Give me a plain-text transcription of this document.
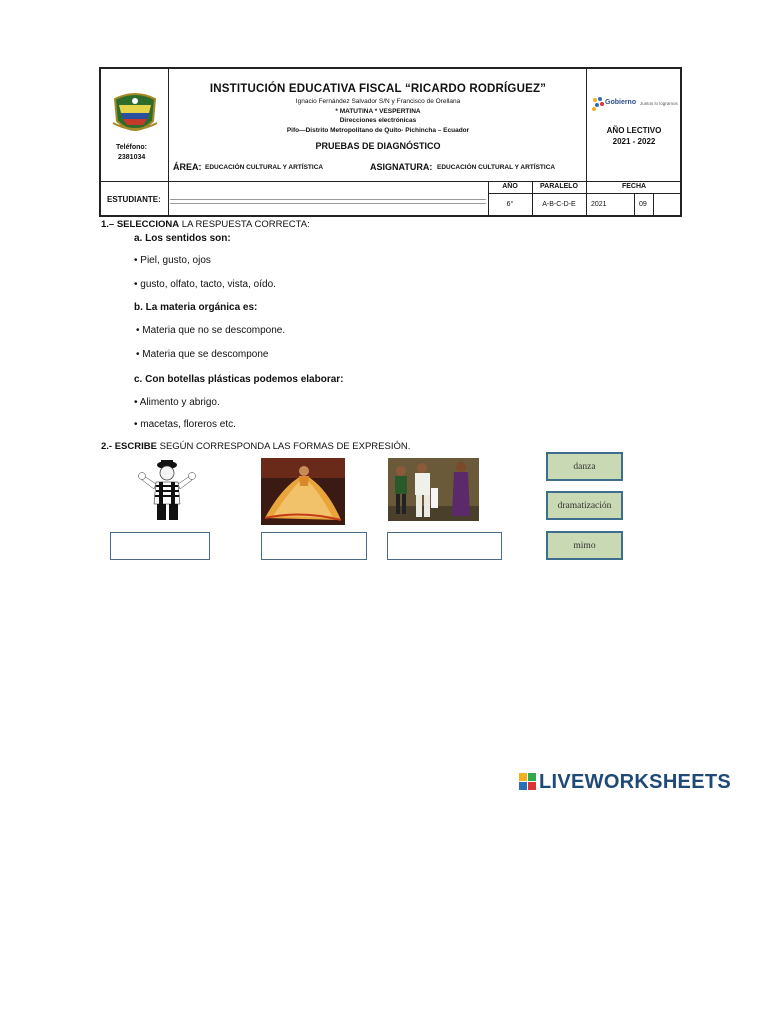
Teléfono:
2381034
INSTITUCIÓN EDUCATIVA FISCAL “RICARDO RODRÍGUEZ”
Ignacio Fernández Salvador S/N y Francisco de Orellana
* MATUTINA * VESPERTINA
Direcciones electrónicas
Pifo—Distrito Metropolitano de Quito- Pichincha – Ecuador
PRUEBAS DE DIAGNÓSTICO
ÁREA: EDUCACIÓN CULTURAL Y ARTÍSTICA	ASIGNATURA: EDUCACIÓN CULTURAL Y ARTÍSTICA
Gobierno Juntos lo logramos
AÑO LECTIVO
2021 - 2022
ESTUDIANTE:
AÑO	PARALELO	FECHA
6°	A-B-C-D-E	2021	09
1.– SELECCIONA LA RESPUESTA CORRECTA:
a. Los sentidos son:
• Piel, gusto, ojos
• gusto, olfato, tacto, vista, oído.
b. La materia orgánica es:
• Materia que no se descompone.
• Materia que se descompone
c. Con botellas plásticas podemos elaborar:
• Alimento y abrigo.
• macetas, floreros etc.
2.- ESCRIBE SEGÚN CORRESPONDA LAS FORMAS DE EXPRESIÓN.
danza
dramatización
mimo
LIVEWORKSHEETS
